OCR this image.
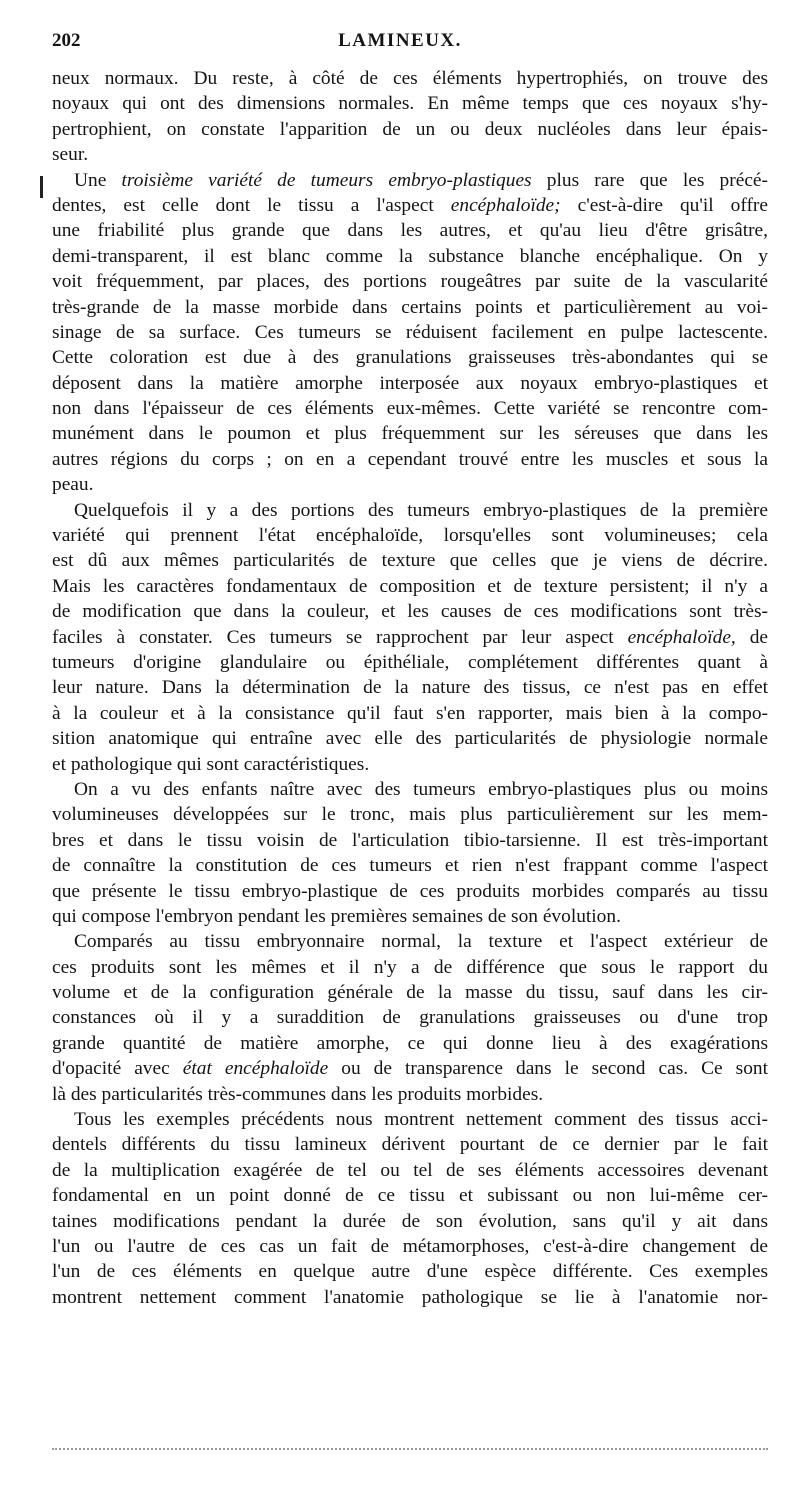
202	LAMINEUX.
neux normaux. Du reste, à côté de ces éléments hypertrophiés, on trouve des
noyaux qui ont des dimensions normales. En même temps que ces noyaux s'hy-
pertrophient, on constate l'apparition de un ou deux nucléoles dans leur épais-
seur.
Une troisième variété de tumeurs embryo-plastiques plus rare que les précé-
dentes, est celle dont le tissu a l'aspect encéphaloïde; c'est-à-dire qu'il offre
une friabilité plus grande que dans les autres, et qu'au lieu d'être grisâtre,
demi-transparent, il est blanc comme la substance blanche encéphalique. On y
voit fréquemment, par places, des portions rougeâtres par suite de la vascularité
très-grande de la masse morbide dans certains points et particulièrement au voi-
sinage de sa surface. Ces tumeurs se réduisent facilement en pulpe lactescente.
Cette coloration est due à des granulations graisseuses très-abondantes qui se
déposent dans la matière amorphe interposée aux noyaux embryo-plastiques et
non dans l'épaisseur de ces éléments eux-mêmes. Cette variété se rencontre com-
munément dans le poumon et plus fréquemment sur les séreuses que dans les
autres régions du corps ; on en a cependant trouvé entre les muscles et sous la
peau.
Quelquefois il y a des portions des tumeurs embryo-plastiques de la première
variété qui prennent l'état encéphaloïde, lorsqu'elles sont volumineuses; cela
est dû aux mêmes particularités de texture que celles que je viens de décrire.
Mais les caractères fondamentaux de composition et de texture persistent; il n'y a
de modification que dans la couleur, et les causes de ces modifications sont très-
faciles à constater. Ces tumeurs se rapprochent par leur aspect encéphaloïde, de
tumeurs d'origine glandulaire ou épithéliale, complétement différentes quant à
leur nature. Dans la détermination de la nature des tissus, ce n'est pas en effet
à la couleur et à la consistance qu'il faut s'en rapporter, mais bien à la compo-
sition anatomique qui entraîne avec elle des particularités de physiologie normale
et pathologique qui sont caractéristiques.
On a vu des enfants naître avec des tumeurs embryo-plastiques plus ou moins
volumineuses développées sur le tronc, mais plus particulièrement sur les mem-
bres et dans le tissu voisin de l'articulation tibio-tarsienne. Il est très-important
de connaître la constitution de ces tumeurs et rien n'est frappant comme l'aspect
que présente le tissu embryo-plastique de ces produits morbides comparés au tissu
qui compose l'embryon pendant les premières semaines de son évolution.
Comparés au tissu embryonnaire normal, la texture et l'aspect extérieur de
ces produits sont les mêmes et il n'y a de différence que sous le rapport du
volume et de la configuration générale de la masse du tissu, sauf dans les cir-
constances où il y a suraddition de granulations graisseuses ou d'une trop
grande quantité de matière amorphe, ce qui donne lieu à des exagérations
d'opacité avec état encéphaloïde ou de transparence dans le second cas. Ce sont
là des particularités très-communes dans les produits morbides.
Tous les exemples précédents nous montrent nettement comment des tissus acci-
dentels différents du tissu lamineux dérivent pourtant de ce dernier par le fait
de la multiplication exagérée de tel ou tel de ses éléments accessoires devenant
fondamental en un point donné de ce tissu et subissant ou non lui-même cer-
taines modifications pendant la durée de son évolution, sans qu'il y ait dans
l'un ou l'autre de ces cas un fait de métamorphoses, c'est-à-dire changement de
l'un de ces éléments en quelque autre d'une espèce différente. Ces exemples
montrent nettement comment l'anatomie pathologique se lie à l'anatomie nor-
